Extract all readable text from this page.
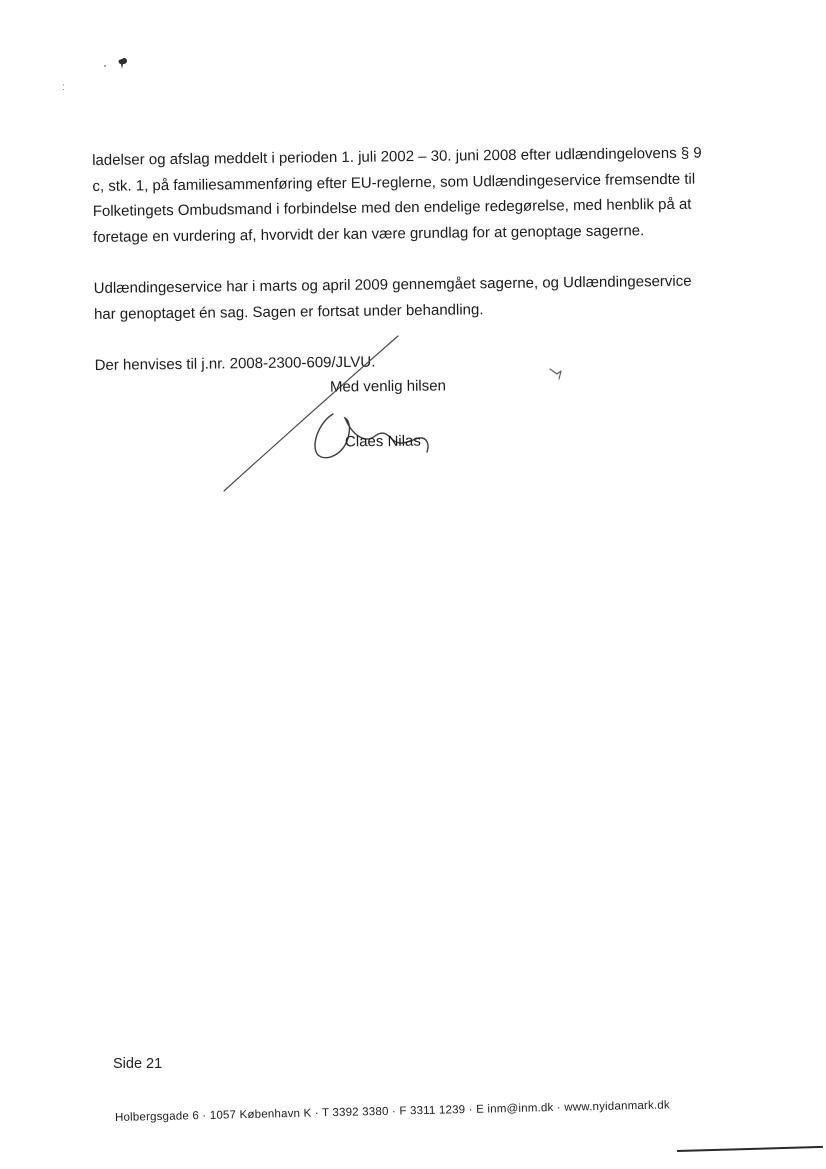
:
ladelser og afslag meddelt i perioden 1. juli 2002 – 30. juni 2008 efter udlændingelovens § 9
c, stk. 1, på familiesammenføring efter EU-reglerne, som Udlændingeservice fremsendte til
Folketingets Ombudsmand i forbindelse med den endelige redegørelse, med henblik på at
foretage en vurdering af, hvorvidt der kan være grundlag for at genoptage sagerne.
Udlændingeservice har i marts og april 2009 gennemgået sagerne, og Udlændingeservice
har genoptaget én sag. Sagen er fortsat under behandling.
Der henvises til j.nr. 2008-2300-609/JLVU.
Med venlig hilsen
Claes Nilas
Side 21
Holbergsgade 6 · 1057 København K · T 3392 3380 · F 3311 1239 · E inm@inm.dk · www.nyidanmark.dk
